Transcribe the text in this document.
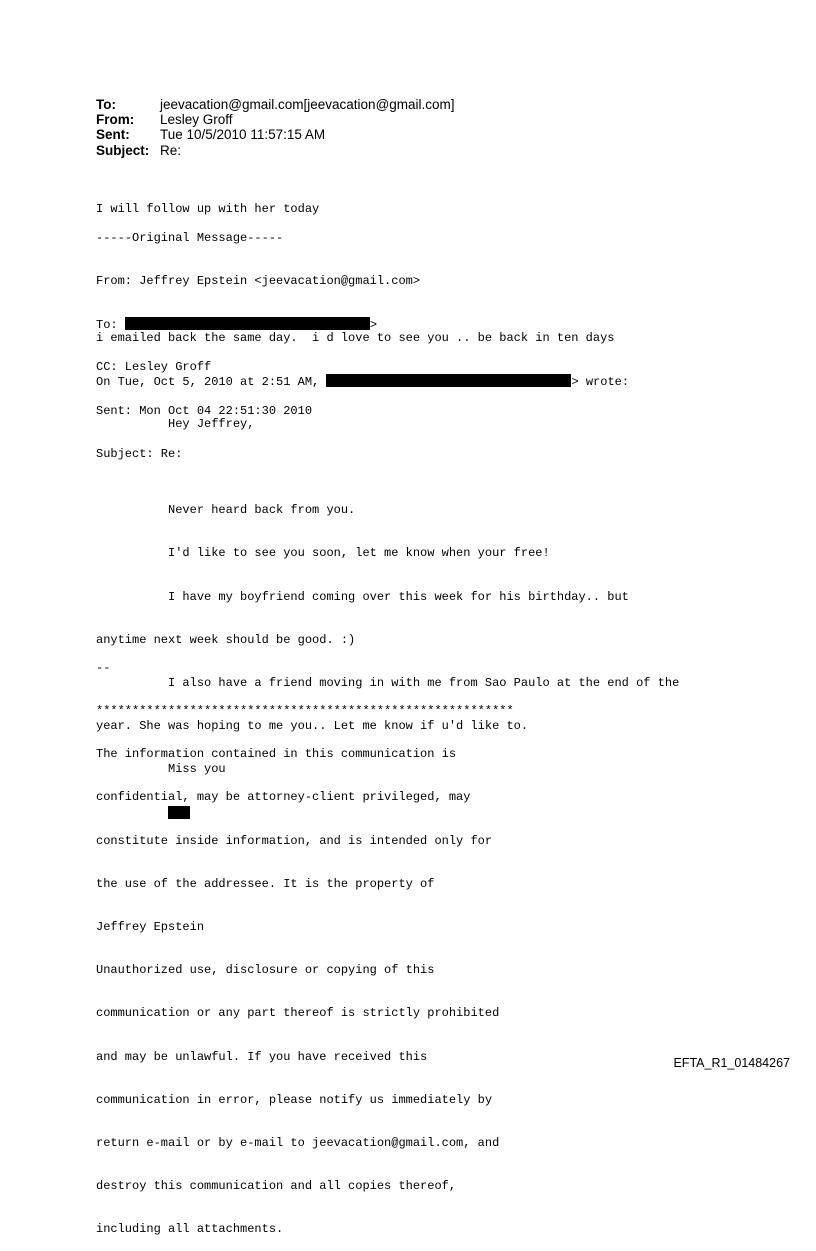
To:	jeevacation@gmail.com[jeevacation@gmail.com]
From:	Lesley Groff
Sent:	Tue 10/5/2010 11:57:15 AM
Subject: Re:

I will follow up with her today

-----Original Message-----

From: Jeffrey Epstein <jeevacation@gmail.com>

To:	>

CC: Lesley Groff

Sent: Mon Oct 04 22:51:30 2010

Subject: Re:

i emailed back the same day.  i d love to see you .. be back in ten days

On Tue, Oct 5, 2010 at 2:51 AM,	> wrote:

Hey Jeffrey,

Never heard back from you.

I'd like to see you soon, let me know when your free!

I have my boyfriend coming over this week for his birthday.. but

anytime next week should be good. :)

I also have a friend moving in with me from Sao Paulo at the end of the

year. She was hoping to me you.. Let me know if u'd like to.

Miss you

--

**********************************************************

The information contained in this communication is

confidential, may be attorney-client privileged, may

constitute inside information, and is intended only for

the use of the addressee. It is the property of

Jeffrey Epstein

Unauthorized use, disclosure or copying of this

communication or any part thereof is strictly prohibited

and may be unlawful. If you have received this

communication in error, please notify us immediately by

return e-mail or by e-mail to jeevacation@gmail.com, and

destroy this communication and all copies thereof,

including all attachments.

EFTA_R1_01484267
